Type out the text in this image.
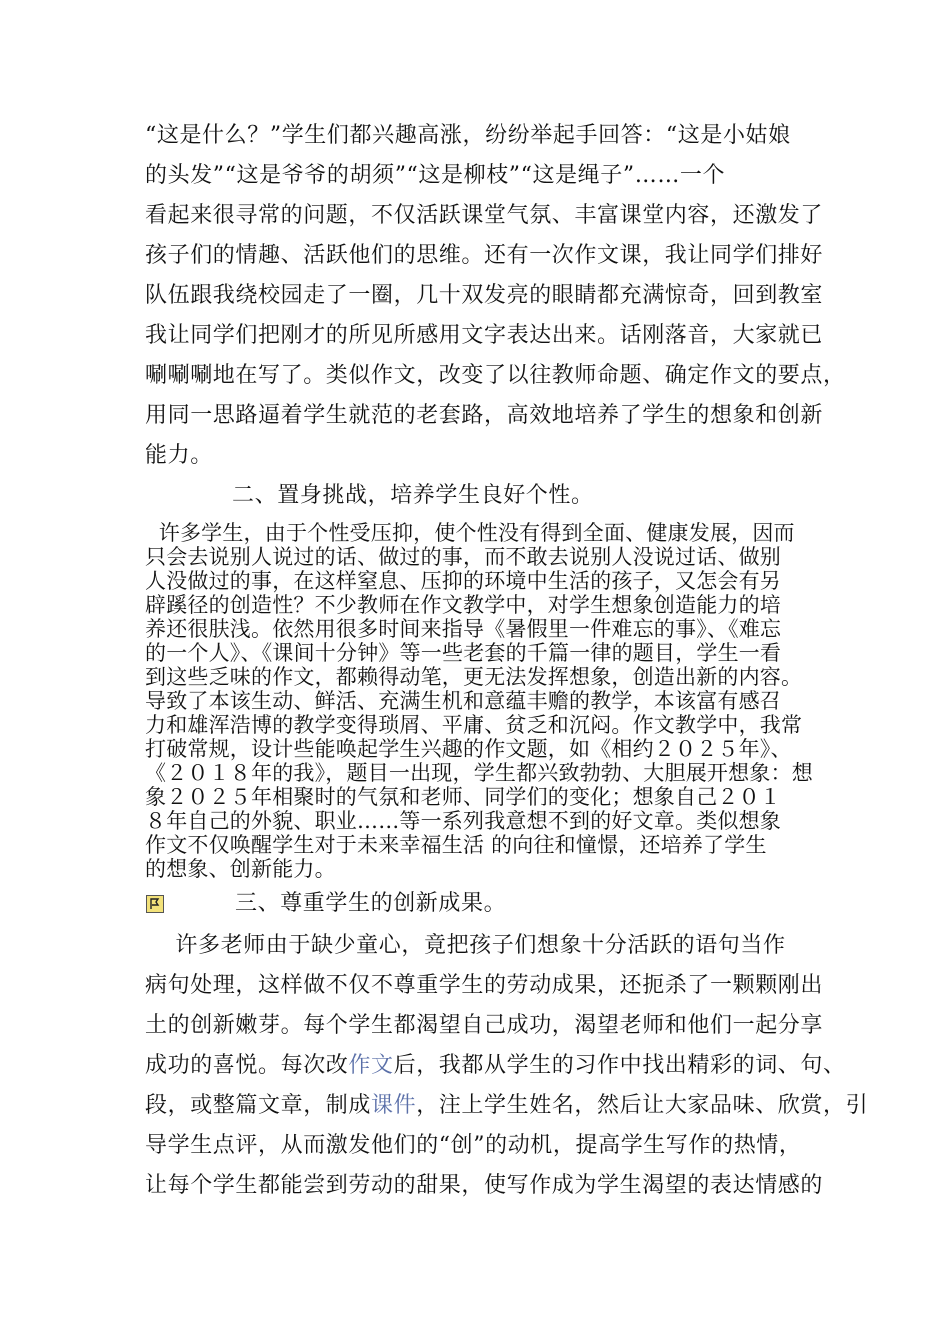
“这是什么？”学生们都兴趣高涨，纷纷举起手回答：“这是小姑娘
的头发”“这是爷爷的胡须”“这是柳枝”“这是绳子”……一个
看起来很寻常的问题，不仅活跃课堂气氛、丰富课堂内容，还激发了
孩子们的情趣、活跃他们的思维。还有一次作文课，我让同学们排好
队伍跟我绕校园走了一圈，几十双发亮的眼睛都充满惊奇，回到教室
我让同学们把刚才的所见所感用文字表达出来。话刚落音，大家就已
唰唰唰地在写了。类似作文，改变了以往教师命题、确定作文的要点，
用同一思路逼着学生就范的老套路，高效地培养了学生的想象和创新
能力。
二、置身挑战，培养学生良好个性。
许多学生，由于个性受压抑，使个性没有得到全面、健康发展，因而
只会去说别人说过的话、做过的事，而不敢去说别人没说过话、做别
人没做过的事，在这样窒息、压抑的环境中生活的孩子，又怎会有另
辟蹊径的创造性？不少教师在作文教学中，对学生想象创造能力的培
养还很肤浅。依然用很多时间来指导《暑假里一件难忘的事》、《难忘
的一个人》、《课间十分钟》等一些老套的千篇一律的题目，学生一看
到这些乏味的作文，都赖得动笔，更无法发挥想象，创造出新的内容。
导致了本该生动、鲜活、充满生机和意蕴丰赡的教学，本该富有感召
力和雄浑浩博的教学变得琐屑、平庸、贫乏和沉闷。作文教学中，我常
打破常规，设计些能唤起学生兴趣的作文题，如《相约２０２５年》、
《２０１８年的我》，题目一出现，学生都兴致勃勃、大胆展开想象：想
象２０２５年相聚时的气氛和老师、同学们的变化；想象自己２０１
８年自己的外貌、职业……等一系列我意想不到的好文章。类似想象
作文不仅唤醒学生对于未来幸福生活 的向往和憧憬，还培养了学生
的想象、创新能力。
三、尊重学生的创新成果。
许多老师由于缺少童心，竟把孩子们想象十分活跃的语句当作
病句处理，这样做不仅不尊重学生的劳动成果，还扼杀了一颗颗刚出
土的创新嫩芽。每个学生都渴望自己成功，渴望老师和他们一起分享
成功的喜悦。每次改作文后，我都从学生的习作中找出精彩的词、句、
段，或整篇文章，制成课件，注上学生姓名，然后让大家品味、欣赏，引
导学生点评，从而激发他们的“创”的动机，提高学生写作的热情，
让每个学生都能尝到劳动的甜果，使写作成为学生渴望的表达情感的
